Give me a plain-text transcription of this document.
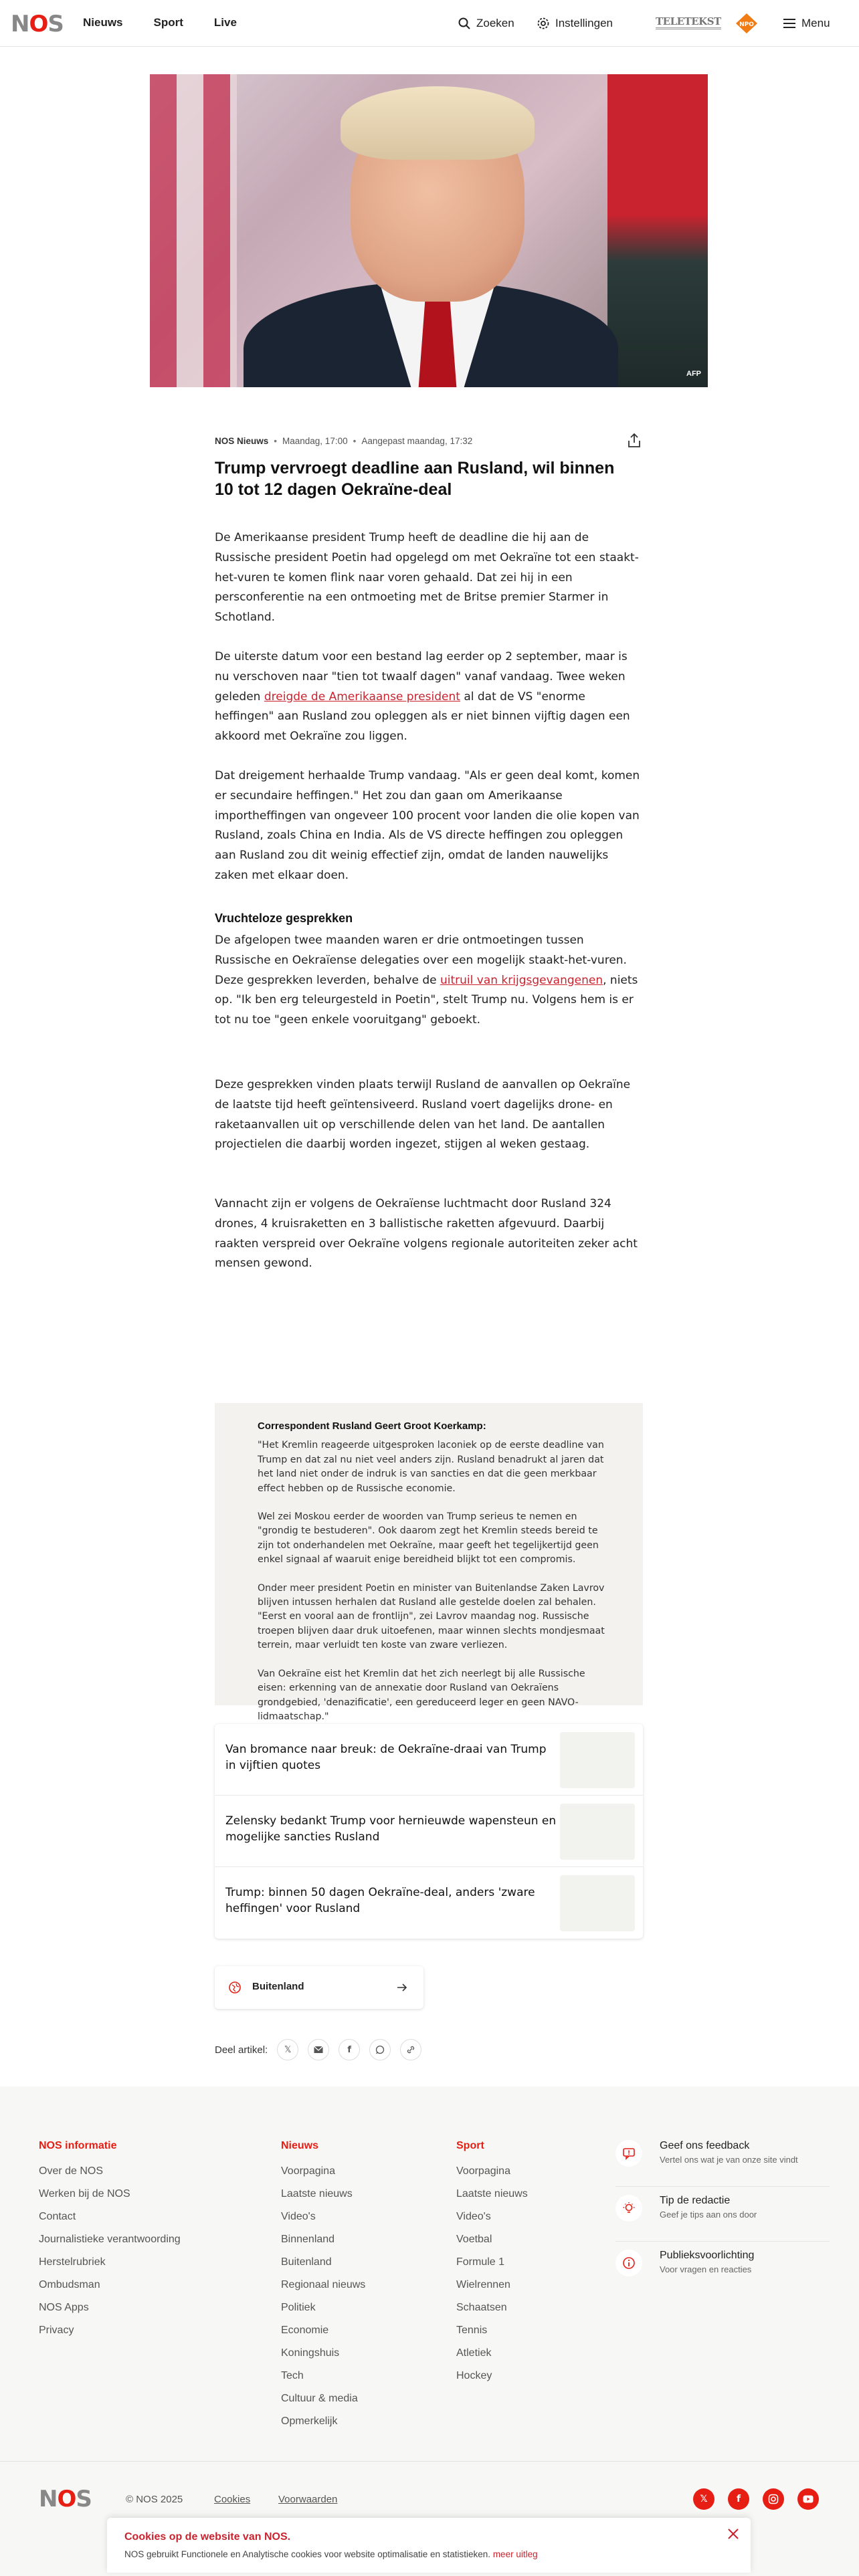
NOS Nieuws	Sport	Live	Zoeken	Instellingen	TELETEKST	NPO	Menu
AFP
NOS Nieuws • Maandag, 17:00 • Aangepast maandag, 17:32
Trump vervroegt deadline aan Rusland, wil binnen 10 tot 12 dagen Oekraïne-deal

De Amerikaanse president Trump heeft de deadline die hij aan de Russische president Poetin had opgelegd om met Oekraïne tot een staakt-het-vuren te komen flink naar voren gehaald. Dat zei hij in een persconferentie na een ontmoeting met de Britse premier Starmer in Schotland.

De uiterste datum voor een bestand lag eerder op 2 september, maar is nu verschoven naar "tien tot twaalf dagen" vanaf vandaag. Twee weken geleden dreigde de Amerikaanse president al dat de VS "enorme heffingen" aan Rusland zou opleggen als er niet binnen vijftig dagen een akkoord met Oekraïne zou liggen.

Dat dreigement herhaalde Trump vandaag. "Als er geen deal komt, komen er secundaire heffingen." Het zou dan gaan om Amerikaanse importheffingen van ongeveer 100 procent voor landen die olie kopen van Rusland, zoals China en India. Als de VS directe heffingen zou opleggen aan Rusland zou dit weinig effectief zijn, omdat de landen nauwelijks zaken met elkaar doen.

Vruchteloze gesprekken

De afgelopen twee maanden waren er drie ontmoetingen tussen Russische en Oekraïense delegaties over een mogelijk staakt-het-vuren. Deze gesprekken leverden, behalve de uitruil van krijgsgevangenen, niets op. "Ik ben erg teleurgesteld in Poetin", stelt Trump nu. Volgens hem is er tot nu toe "geen enkele vooruitgang" geboekt.

Deze gesprekken vinden plaats terwijl Rusland de aanvallen op Oekraïne de laatste tijd heeft geïntensiveerd. Rusland voert dagelijks drone- en raketaanvallen uit op verschillende delen van het land. De aantallen projectielen die daarbij worden ingezet, stijgen al weken gestaag.

Vannacht zijn er volgens de Oekraïense luchtmacht door Rusland 324 drones, 4 kruisraketten en 3 ballistische raketten afgevuurd. Daarbij raakten verspreid over Oekraïne volgens regionale autoriteiten zeker acht mensen gewond.

Correspondent Rusland Geert Groot Koerkamp:

"Het Kremlin reageerde uitgesproken laconiek op de eerste deadline van Trump en dat zal nu niet veel anders zijn. Rusland benadrukt al jaren dat het land niet onder de indruk is van sancties en dat die geen merkbaar effect hebben op de Russische economie.

Wel zei Moskou eerder de woorden van Trump serieus te nemen en "grondig te bestuderen". Ook daarom zegt het Kremlin steeds bereid te zijn tot onderhandelen met Oekraïne, maar geeft het tegelijkertijd geen enkel signaal af waaruit enige bereidheid blijkt tot een compromis.

Onder meer president Poetin en minister van Buitenlandse Zaken Lavrov blijven intussen herhalen dat Rusland alle gestelde doelen zal behalen. "Eerst en vooral aan de frontlijn", zei Lavrov maandag nog. Russische troepen blijven daar druk uitoefenen, maar winnen slechts mondjesmaat terrein, maar verluidt ten koste van zware verliezen.

Van Oekraïne eist het Kremlin dat het zich neerlegt bij alle Russische eisen: erkenning van de annexatie door Rusland van Oekraïens grondgebied, 'denazificatie', een gereduceerd leger en geen NAVO-lidmaatschap."

Van bromance naar breuk: de Oekraïne-draai van Trump in vijftien quotes
Zelensky bedankt Trump voor hernieuwde wapensteun en mogelijke sancties Rusland
Trump: binnen 50 dagen Oekraïne-deal, anders 'zware heffingen' voor Rusland
Buitenland
Deel artikel: 𝕏	f
NOS informatie
Over de NOS
Werken bij de NOS
Contact
Journalistieke verantwoording
Herstelrubriek
Ombudsman
NOS Apps
Privacy
Nieuws
Voorpagina
Laatste nieuws
Video's
Binnenland
Buitenland
Regionaal nieuws
Politiek
Economie
Koningshuis
Tech
Cultuur & media
Opmerkelijk
Sport
Voorpagina
Laatste nieuws
Video's
Voetbal
Formule 1
Wielrennen
Schaatsen
Tennis
Atletiek
Hockey
!
Geef ons feedback
Vertel ons wat je van onze site vindt
Tip de redactie
Geef je tips aan ons door
Publieksvoorlichting
Voor vragen en reacties
NOS	© NOS 2025	Cookies	Voorwaarden	𝕏	f
Cookies op de website van NOS.
NOS gebruikt Functionele en Analytische cookies voor website optimalisatie en statistieken. meer uitleg
